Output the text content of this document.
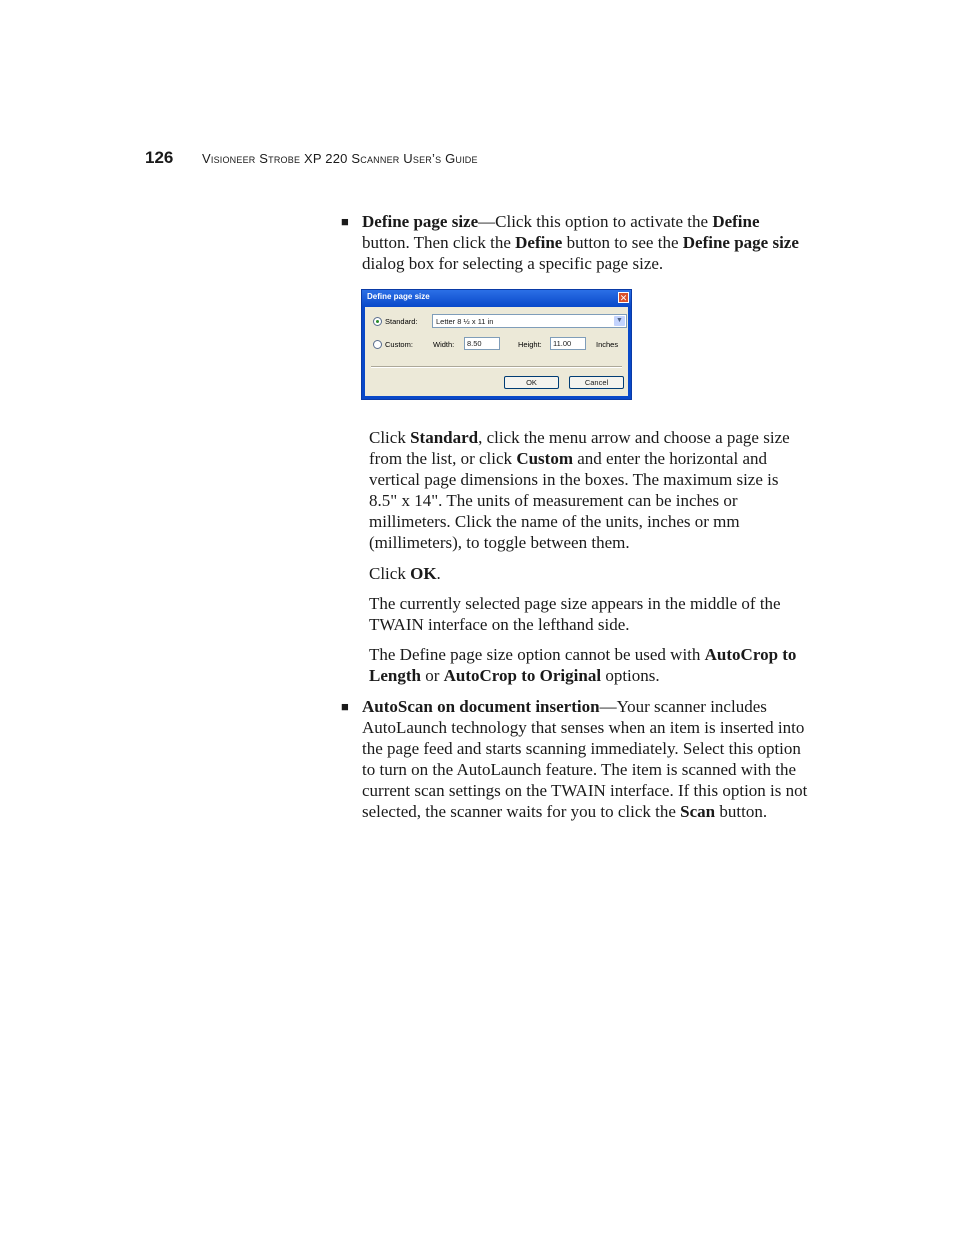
126 Visioneer Strobe XP 220 Scanner User’s Guide
■ Define page size—Click this option to activate the Define button. Then click the Define button to see the Define page size dialog box for selecting a specific page size.
Define page size	✕
Standard: Letter 8 ½ x 11 in	▼
Custom:	Width: 8.50	Height: 11.00	Inches
OK	Cancel

Click Standard, click the menu arrow and choose a page size from the list, or click Custom and enter the horizontal and vertical page dimensions in the boxes. The maximum size is 8.5" x 14". The units of measurement can be inches or millimeters. Click the name of the units, inches or mm (millimeters), to toggle between them.

Click OK.

The currently selected page size appears in the middle of the TWAIN interface on the lefthand side.

The Define page size option cannot be used with AutoCrop to Length or AutoCrop to Original options.

■ AutoScan on document insertion—Your scanner includes AutoLaunch technology that senses when an item is inserted into the page feed and starts scanning immediately. Select this option to turn on the AutoLaunch feature. The item is scanned with the current scan settings on the TWAIN interface. If this option is not selected, the scanner waits for you to click the Scan button.
